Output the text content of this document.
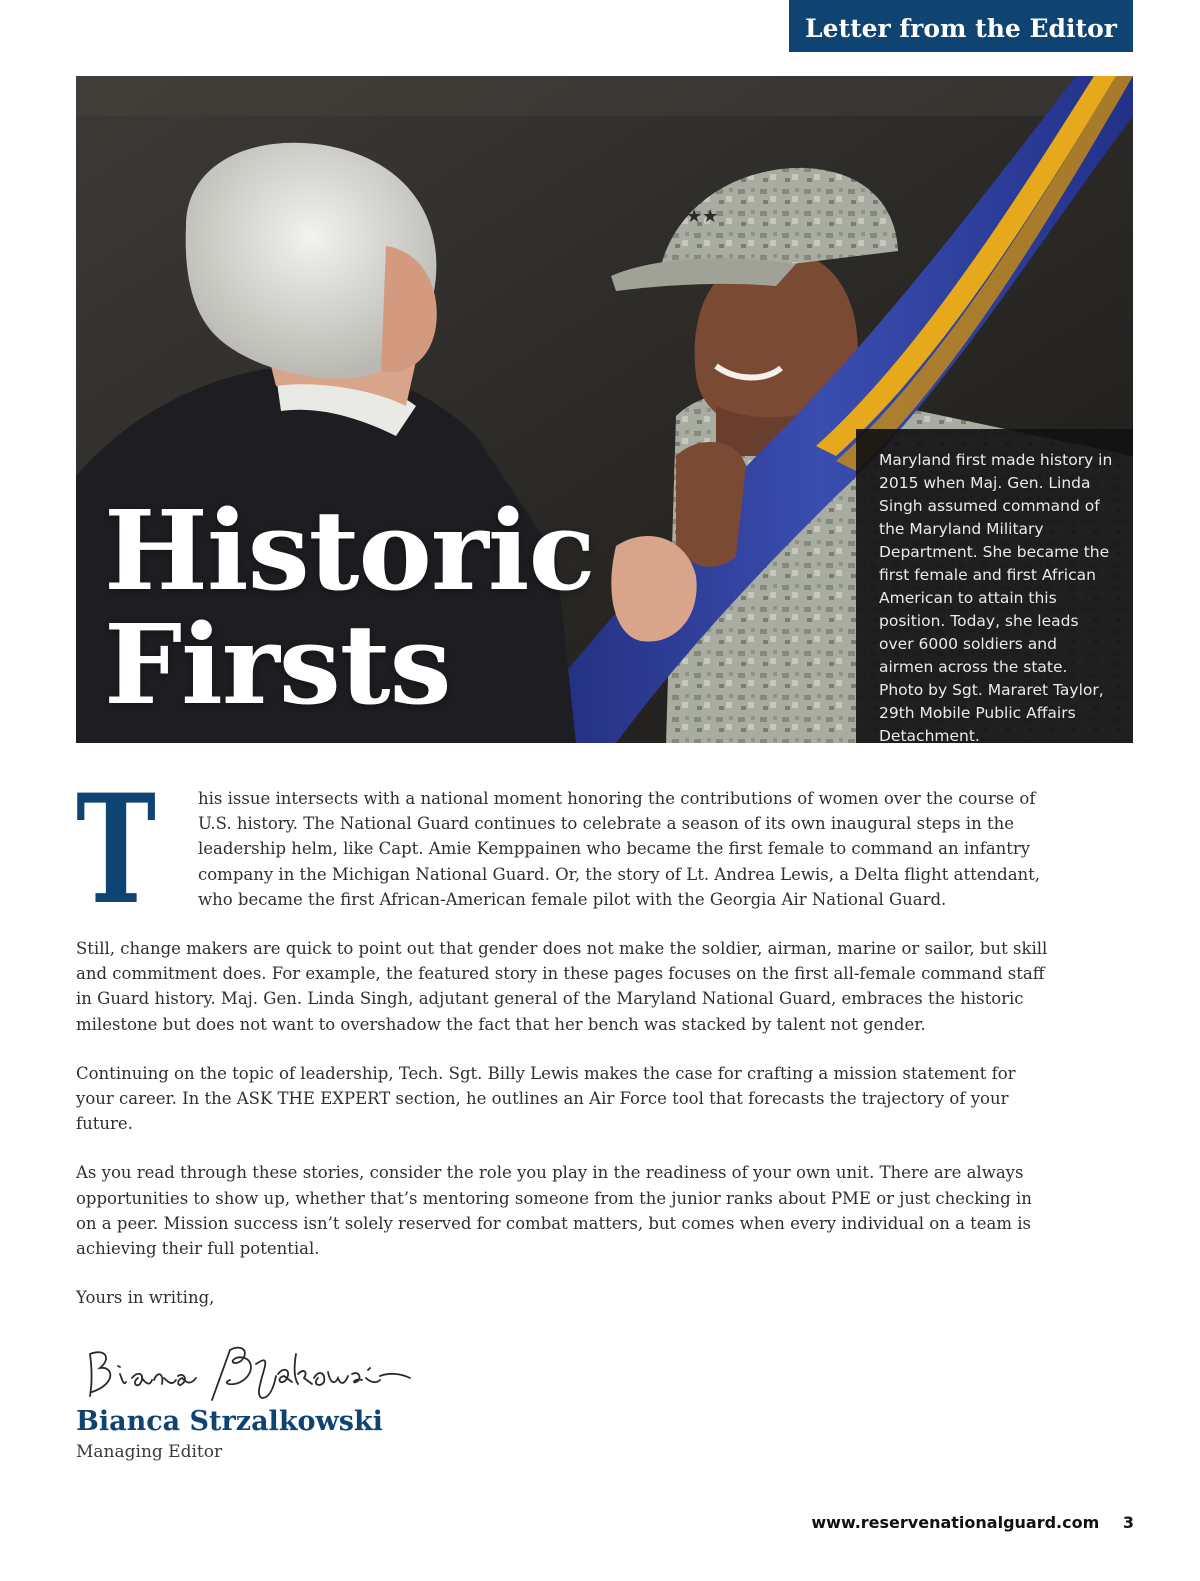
Letter from the Editor
★★
Historic
Firsts
Maryland first made history in 2015 when Maj. Gen. Linda Singh assumed command of the Maryland Military Department. She became the first female and first African American to attain this position. Today, she leads over 6000 soldiers and airmen across the state. Photo by Sgt. Mararet Taylor, 29th Mobile Public Affairs Detachment.
T	his issue intersects with a national moment honoring the contributions of women over the course of U.S. history. The National Guard continues to celebrate a season of its own inaugural steps in the leadership helm, like Capt. Amie Kemppainen who became the first female to command an infantry company in the Michigan National Guard. Or, the story of Lt. Andrea Lewis, a Delta flight attendant, who became the first African-American female pilot with the Georgia Air National Guard.

Still, change makers are quick to point out that gender does not make the soldier, airman, marine or sailor, but skill and commitment does. For example, the featured story in these pages focuses on the first all-female command staff in Guard history. Maj. Gen. Linda Singh, adjutant general of the Maryland National Guard, embraces the historic milestone but does not want to overshadow the fact that her bench was stacked by talent not gender.

Continuing on the topic of leadership, Tech. Sgt. Billy Lewis makes the case for crafting a mission statement for your career. In the ASK THE EXPERT section, he outlines an Air Force tool that forecasts the trajectory of your future.

As you read through these stories, consider the role you play in the readiness of your own unit. There are always opportunities to show up, whether that’s mentoring someone from the junior ranks about PME or just checking in on a peer. Mission success isn’t solely reserved for combat matters, but comes when every individual on a team is achieving their full potential.

Yours in writing,

Bianca Strzalkowski
Managing Editor
www.reservenationalguard.com 3
